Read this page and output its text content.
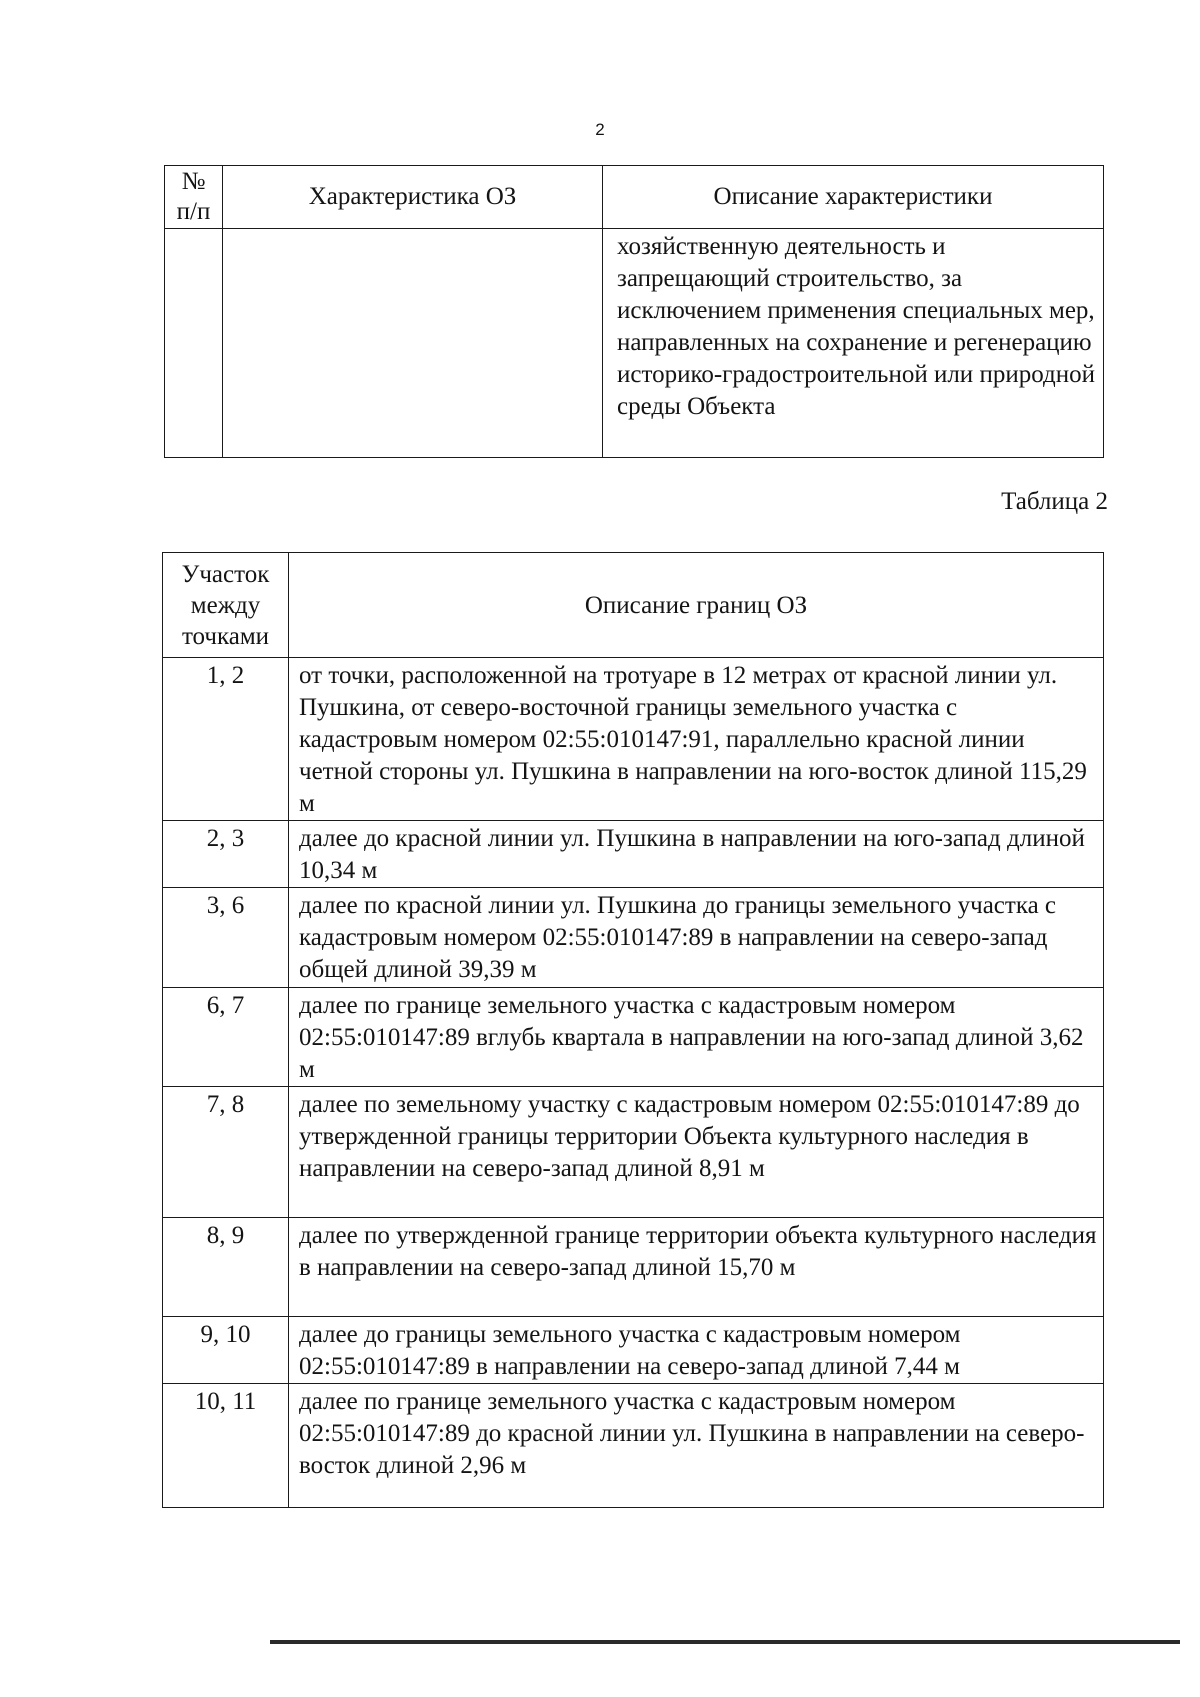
2
№ п/п	Характеристика ОЗ	Описание характеристики
		хозяйственную деятельность и запрещающий строительство, за исключением применения специальных мер, направленных на сохранение и регенерацию историко-градостроительной или природной среды Объекта
Таблица 2
Участок между точками	Описание границ ОЗ
1, 2	от точки, расположенной на тротуаре в 12 метрах от красной линии ул. Пушкина, от северо-восточной границы земельного участка с кадастровым номером 02:55:010147:91, параллельно красной линии четной стороны ул. Пушкина в направлении на юго-восток длиной 115,29 м
2, 3	далее до красной линии ул. Пушкина в направлении на юго-запад длиной 10,34 м
3, 6	далее по красной линии ул. Пушкина до границы земельного участка с кадастровым номером 02:55:010147:89 в направлении на северо-запад общей длиной 39,39 м
6, 7	далее по границе земельного участка с кадастровым номером 02:55:010147:89 вглубь квартала в направлении на юго-запад длиной 3,62 м
7, 8	далее по земельному участку с кадастровым номером 02:55:010147:89 до утвержденной границы территории Объекта культурного наследия в направлении на северо-запад длиной 8,91 м
8, 9	далее по утвержденной границе территории объекта культурного наследия в направлении на северо-запад длиной 15,70 м
9, 10	далее до границы земельного участка с кадастровым номером 02:55:010147:89 в направлении на северо-запад длиной 7,44 м
10, 11	далее по границе земельного участка с кадастровым номером 02:55:010147:89 до красной линии ул. Пушкина в направлении на северо-восток длиной 2,96 м
